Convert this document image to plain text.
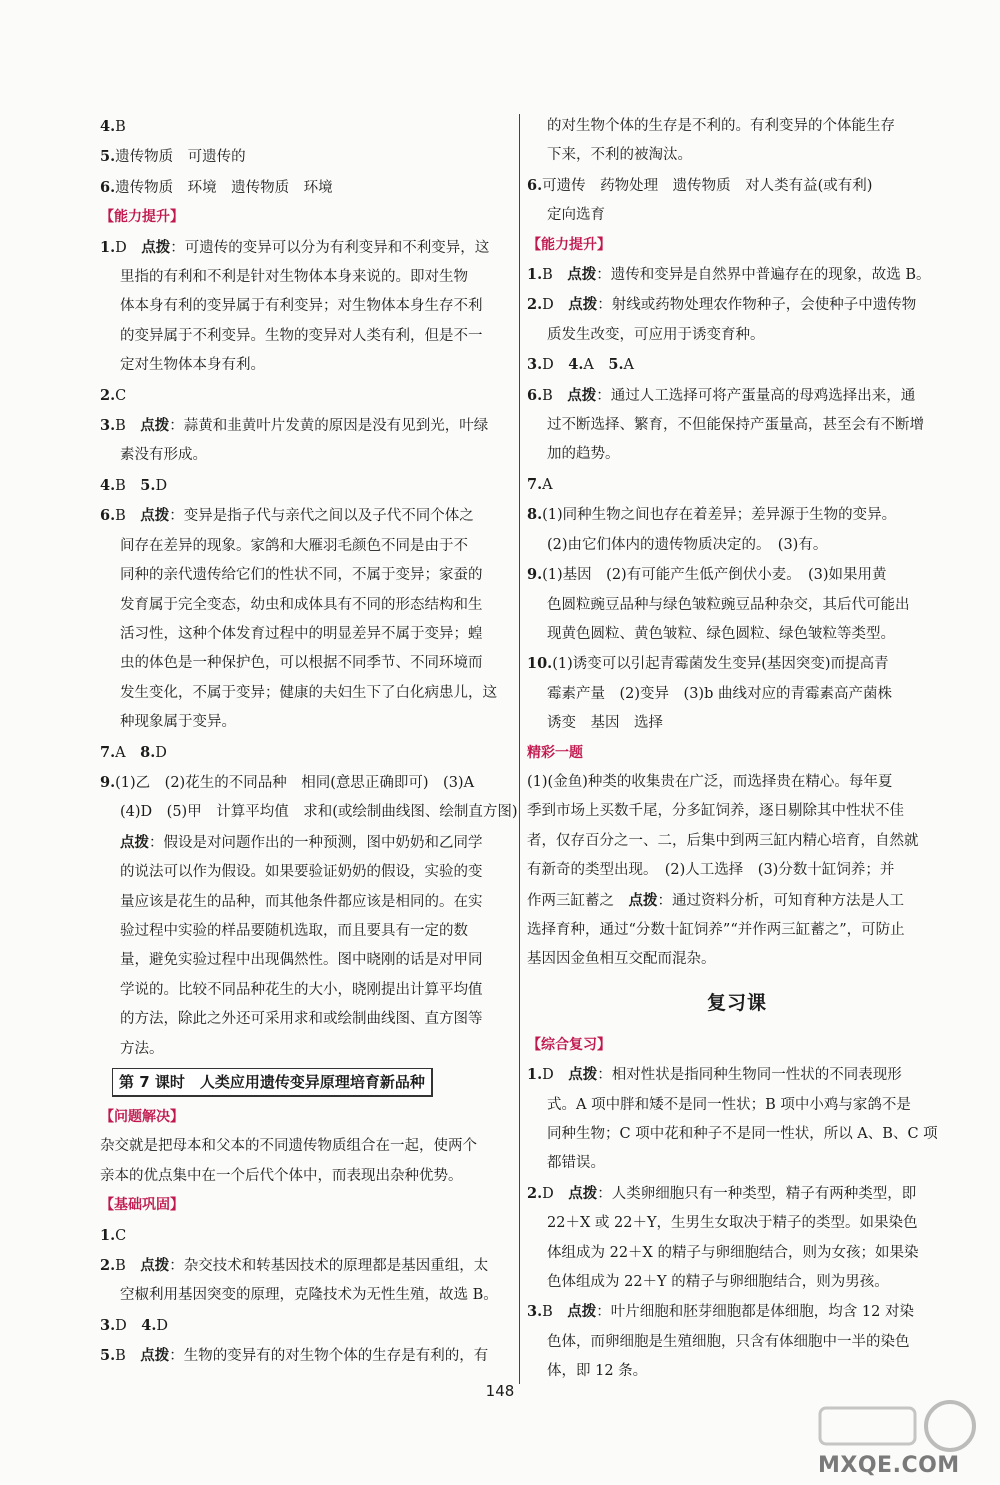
4.B
5.遗传物质　可遗传的
6.遗传物质　环境　遗传物质　环境
【能力提升】
1.D　点拨：可遗传的变异可以分为有利变异和不利变异，这
里指的有利和不利是针对生物体本身来说的。即对生物
体本身有利的变异属于有利变异；对生物体本身生存不利
的变异属于不利变异。生物的变异对人类有利，但是不一
定对生物体本身有利。
2.C
3.B　点拨：蒜黄和韭黄叶片发黄的原因是没有见到光，叶绿
素没有形成。
4.B　5.D
6.B　点拨：变异是指子代与亲代之间以及子代不同个体之
间存在差异的现象。家鸽和大雁羽毛颜色不同是由于不
同种的亲代遗传给它们的性状不同，不属于变异；家蚕的
发育属于完全变态，幼虫和成体具有不同的形态结构和生
活习性，这种个体发育过程中的明显差异不属于变异；蝗
虫的体色是一种保护色，可以根据不同季节、不同环境而
发生变化，不属于变异；健康的夫妇生下了白化病患儿，这
种现象属于变异。
7.A　8.D
9.(1)乙　(2)花生的不同品种　相同(意思正确即可)　(3)A
(4)D　(5)甲　计算平均值　求和(或绘制曲线图、绘制直方图)
点拨：假设是对问题作出的一种预测，图中奶奶和乙同学
的说法可以作为假设。如果要验证奶奶的假设，实验的变
量应该是花生的品种，而其他条件都应该是相同的。在实
验过程中实验的样品要随机选取，而且要具有一定的数
量，避免实验过程中出现偶然性。图中晓刚的话是对甲同
学说的。比较不同品种花生的大小，晓刚提出计算平均值
的方法，除此之外还可采用求和或绘制曲线图、直方图等
方法。
第 7 课时　人类应用遗传变异原理培育新品种
【问题解决】
杂交就是把母本和父本的不同遗传物质组合在一起，使两个
亲本的优点集中在一个后代个体中，而表现出杂种优势。
【基础巩固】
1.C
2.B　点拨：杂交技术和转基因技术的原理都是基因重组，太
空椒利用基因突变的原理，克隆技术为无性生殖，故选 B。
3.D　4.D
5.B　点拨：生物的变异有的对生物个体的生存是有利的，有
的对生物个体的生存是不利的。有利变异的个体能生存
下来，不利的被淘汰。
6.可遗传　药物处理　遗传物质　对人类有益(或有利)
定向选育
【能力提升】
1.B　点拨：遗传和变异是自然界中普遍存在的现象，故选 B。
2.D　点拨：射线或药物处理农作物种子，会使种子中遗传物
质发生改变，可应用于诱变育种。
3.D　4.A　5.A
6.B　点拨：通过人工选择可将产蛋量高的母鸡选择出来，通
过不断选择、繁育，不但能保持产蛋量高，甚至会有不断增
加的趋势。
7.A
8.(1)同种生物之间也存在着差异；差异源于生物的变异。
(2)由它们体内的遗传物质决定的。　(3)有。
9.(1)基因　(2)有可能产生低产倒伏小麦。　(3)如果用黄
色圆粒豌豆品种与绿色皱粒豌豆品种杂交，其后代可能出
现黄色圆粒、黄色皱粒、绿色圆粒、绿色皱粒等类型。
10.(1)诱变可以引起青霉菌发生变异(基因突变)而提高青
霉素产量　(2)变异　(3)b 曲线对应的青霉素高产菌株
诱变　基因　选择
精彩一题
(1)(金鱼)种类的收集贵在广泛，而选择贵在精心。每年夏
季到市场上买数千尾，分多缸饲养，逐日剔除其中性状不佳
者，仅存百分之一、二，后集中到两三缸内精心培育，自然就
有新奇的类型出现。　(2)人工选择　(3)分数十缸饲养；并
作两三缸蓄之　点拨：通过资料分析，可知育种方法是人工
选择育种，通过“分数十缸饲养”“并作两三缸蓄之”，可防止
基因因金鱼相互交配而混杂。
复习课
【综合复习】
1.D　点拨：相对性状是指同种生物同一性状的不同表现形
式。A 项中胖和矮不是同一性状；B 项中小鸡与家鸽不是
同种生物；C 项中花和种子不是同一性状，所以 A、B、C 项
都错误。
2.D　点拨：人类卵细胞只有一种类型，精子有两种类型，即
22＋X 或 22＋Y，生男生女取决于精子的类型。如果染色
体组成为 22＋X 的精子与卵细胞结合，则为女孩；如果染
色体组成为 22＋Y 的精子与卵细胞结合，则为男孩。
3.B　点拨：叶片细胞和胚芽细胞都是体细胞，均含 12 对染
色体，而卵细胞是生殖细胞，只含有体细胞中一半的染色
体，即 12 条。
148
MXQE.COM
